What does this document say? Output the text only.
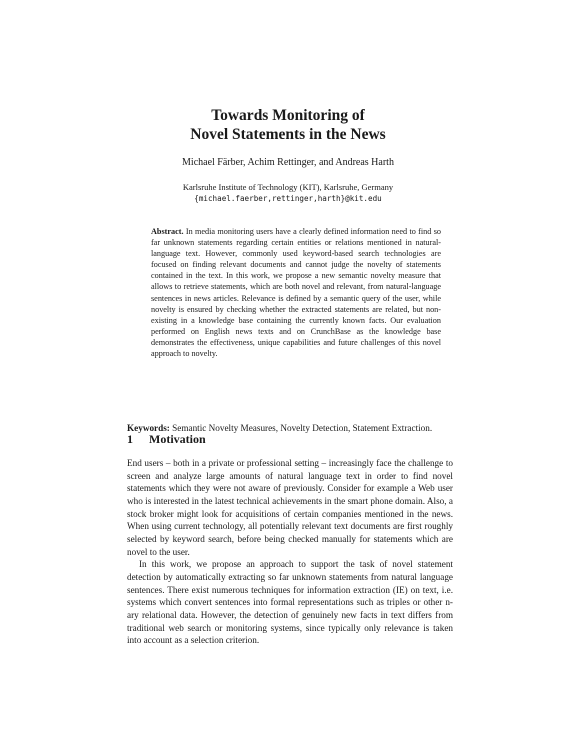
Towards Monitoring of
Novel Statements in the News
Michael Färber, Achim Rettinger, and Andreas Harth
Karlsruhe Institute of Technology (KIT), Karlsruhe, Germany
{michael.faerber,rettinger,harth}@kit.edu
Abstract. In media monitoring users have a clearly defined information need to find so far unknown statements regarding certain entities or relations mentioned in natural-language text. However, commonly used keyword-based search technologies are focused on finding relevant documents and cannot judge the novelty of statements contained in the text. In this work, we propose a new semantic novelty measure that allows to retrieve statements, which are both novel and relevant, from natural-language sentences in news articles. Relevance is defined by a semantic query of the user, while novelty is ensured by checking whether the extracted statements are related, but non-existing in a knowledge base containing the currently known facts. Our evaluation performed on English news texts and on CrunchBase as the knowledge base demonstrates the effectiveness, unique capabilities and future challenges of this novel approach to novelty.
Keywords: Semantic Novelty Measures, Novelty Detection, Statement Extraction.
1 Motivation

End users – both in a private or professional setting – increasingly face the challenge to screen and analyze large amounts of natural language text in order to find novel statements which they were not aware of previously. Consider for example a Web user who is interested in the latest technical achievements in the smart phone domain. Also, a stock broker might look for acquisitions of certain companies mentioned in the news. When using current technology, all potentially relevant text documents are first roughly selected by keyword search, before being checked manually for statements which are novel to the user.

In this work, we propose an approach to support the task of novel statement detection by automatically extracting so far unknown statements from natural language sentences. There exist numerous techniques for information extraction (IE) on text, i.e. systems which convert sentences into formal representations such as triples or other n-ary relational data. However, the detection of genuinely new facts in text differs from traditional web search or monitoring systems, since typically only relevance is taken into account as a selection criterion.
